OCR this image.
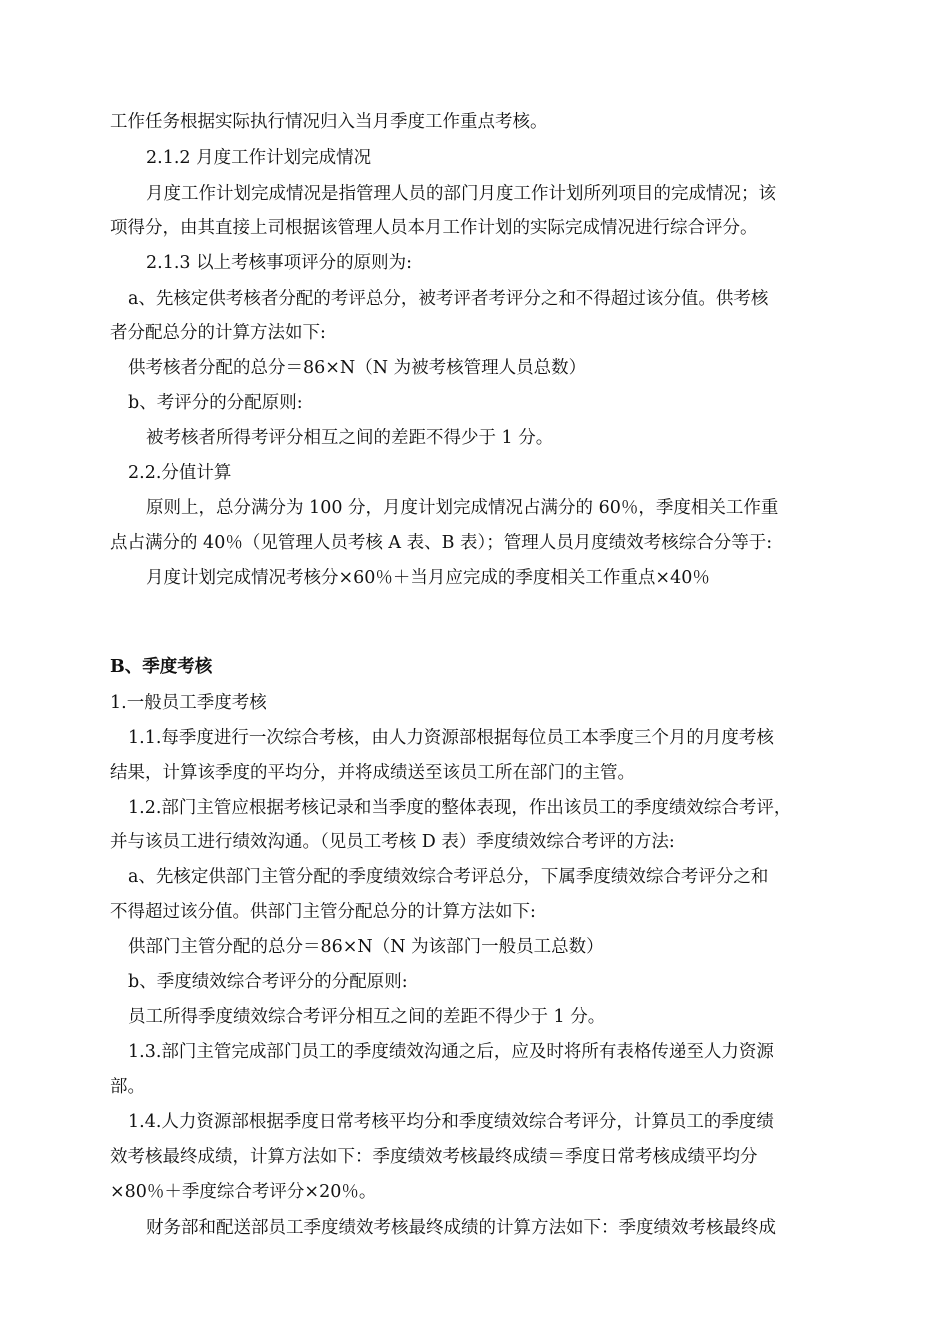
工作任务根据实际执行情况归入当月季度工作重点考核。
2.1.2 月度工作计划完成情况
月度工作计划完成情况是指管理人员的部门月度工作计划所列项目的完成情况；该
项得分，由其直接上司根据该管理人员本月工作计划的实际完成情况进行综合评分。
2.1.3 以上考核事项评分的原则为:
a、先核定供考核者分配的考评总分，被考评者考评分之和不得超过该分值。供考核
者分配总分的计算方法如下:
供考核者分配的总分＝86×N（N 为被考核管理人员总数）
b、考评分的分配原则:
被考核者所得考评分相互之间的差距不得少于 1 分。
2.2.分值计算
原则上，总分满分为 100 分，月度计划完成情况占满分的 60％，季度相关工作重
点占满分的 40％（见管理人员考核 A 表、B 表）；管理人员月度绩效考核综合分等于:
月度计划完成情况考核分×60％＋当月应完成的季度相关工作重点×40％
B、季度考核
1.一般员工季度考核
1.1.每季度进行一次综合考核，由人力资源部根据每位员工本季度三个月的月度考核
结果，计算该季度的平均分，并将成绩送至该员工所在部门的主管。
1.2.部门主管应根据考核记录和当季度的整体表现，作出该员工的季度绩效综合考评，
并与该员工进行绩效沟通。（见员工考核 D 表）季度绩效综合考评的方法:
a、先核定供部门主管分配的季度绩效综合考评总分，下属季度绩效综合考评分之和
不得超过该分值。供部门主管分配总分的计算方法如下:
供部门主管分配的总分＝86×N（N 为该部门一般员工总数）
b、季度绩效综合考评分的分配原则:
员工所得季度绩效综合考评分相互之间的差距不得少于 1 分。
1.3.部门主管完成部门员工的季度绩效沟通之后，应及时将所有表格传递至人力资源
部。
1.4.人力资源部根据季度日常考核平均分和季度绩效综合考评分，计算员工的季度绩
效考核最终成绩，计算方法如下：季度绩效考核最终成绩＝季度日常考核成绩平均分
×80％＋季度综合考评分×20％。
财务部和配送部员工季度绩效考核最终成绩的计算方法如下：季度绩效考核最终成
